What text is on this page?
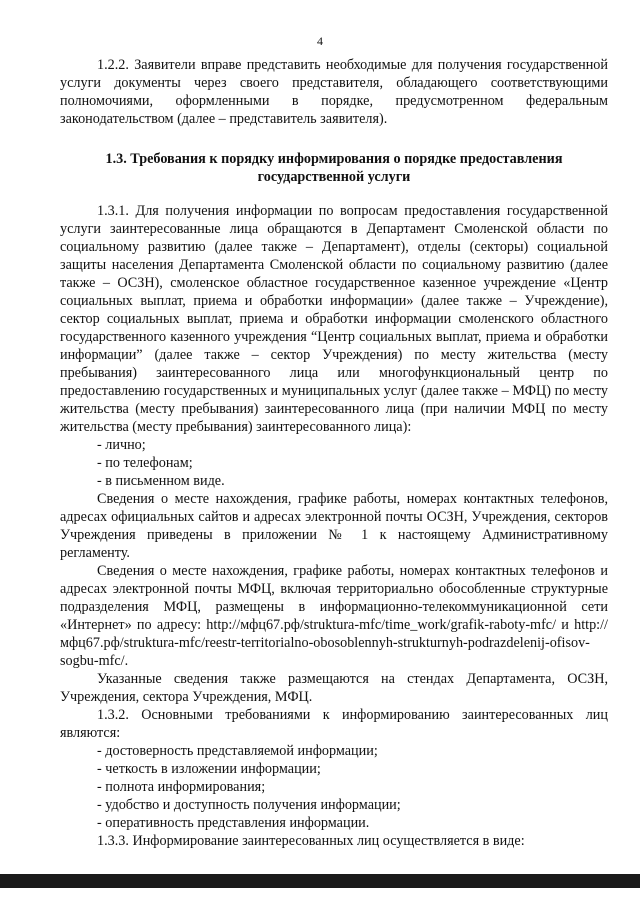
4

1.2.2. Заявители вправе представить необходимые для получения государственной услуги документы через своего представителя, обладающего соответствующими полномочиями, оформленными в порядке, предусмотренном федеральным законодательством (далее – представитель заявителя).

1.3. Требования к порядку информирования о порядке предоставления государственной услуги

1.3.1. Для получения информации по вопросам предоставления государственной услуги заинтересованные лица обращаются в Департамент Смоленской области по социальному развитию (далее также – Департамент), отделы (секторы) социальной защиты населения Департамента Смоленской области по социальному развитию (далее также – ОСЗН), смоленское областное государственное казенное учреждение «Центр социальных выплат, приема и обработки информации» (далее также – Учреждение), сектор социальных выплат, приема и обработки информации смоленского областного государственного казенного учреждения “Центр социальных выплат, приема и обработки информации” (далее также – сектор Учреждения) по месту жительства (месту пребывания) заинтересованного лица или многофункциональный центр по предоставлению государственных и муниципальных услуг (далее также – МФЦ) по месту жительства (месту пребывания) заинтересованного лица (при наличии МФЦ по месту жительства (месту пребывания) заинтересованного лица):

- лично;

- по телефонам;

- в письменном виде.

Сведения о месте нахождения, графике работы, номерах контактных телефонов, адресах официальных сайтов и адресах электронной почты ОСЗН, Учреждения, секторов Учреждения приведены в приложении № 1 к настоящему Административному регламенту.

Сведения о месте нахождения, графике работы, номерах контактных телефонов и адресах электронной почты МФЦ, включая территориально обособленные структурные подразделения МФЦ, размещены в информационно-телекоммуникационной сети «Интернет» по адресу: http://мфц67.рф/struktura-mfc/time_work/grafik-raboty-mfc/ и http://мфц67.рф/struktura-mfc/reestr-territorialno-obosoblennyh-strukturnyh-podrazdelenij-ofisov-sogbu-mfc/.

Указанные сведения также размещаются на стендах Департамента, ОСЗН, Учреждения, сектора Учреждения, МФЦ.

1.3.2. Основными требованиями к информированию заинтересованных лиц являются:

- достоверность представляемой информации;

- четкость в изложении информации;

- полнота информирования;

- удобство и доступность получения информации;

- оперативность представления информации.

1.3.3. Информирование заинтересованных лиц осуществляется в виде:
